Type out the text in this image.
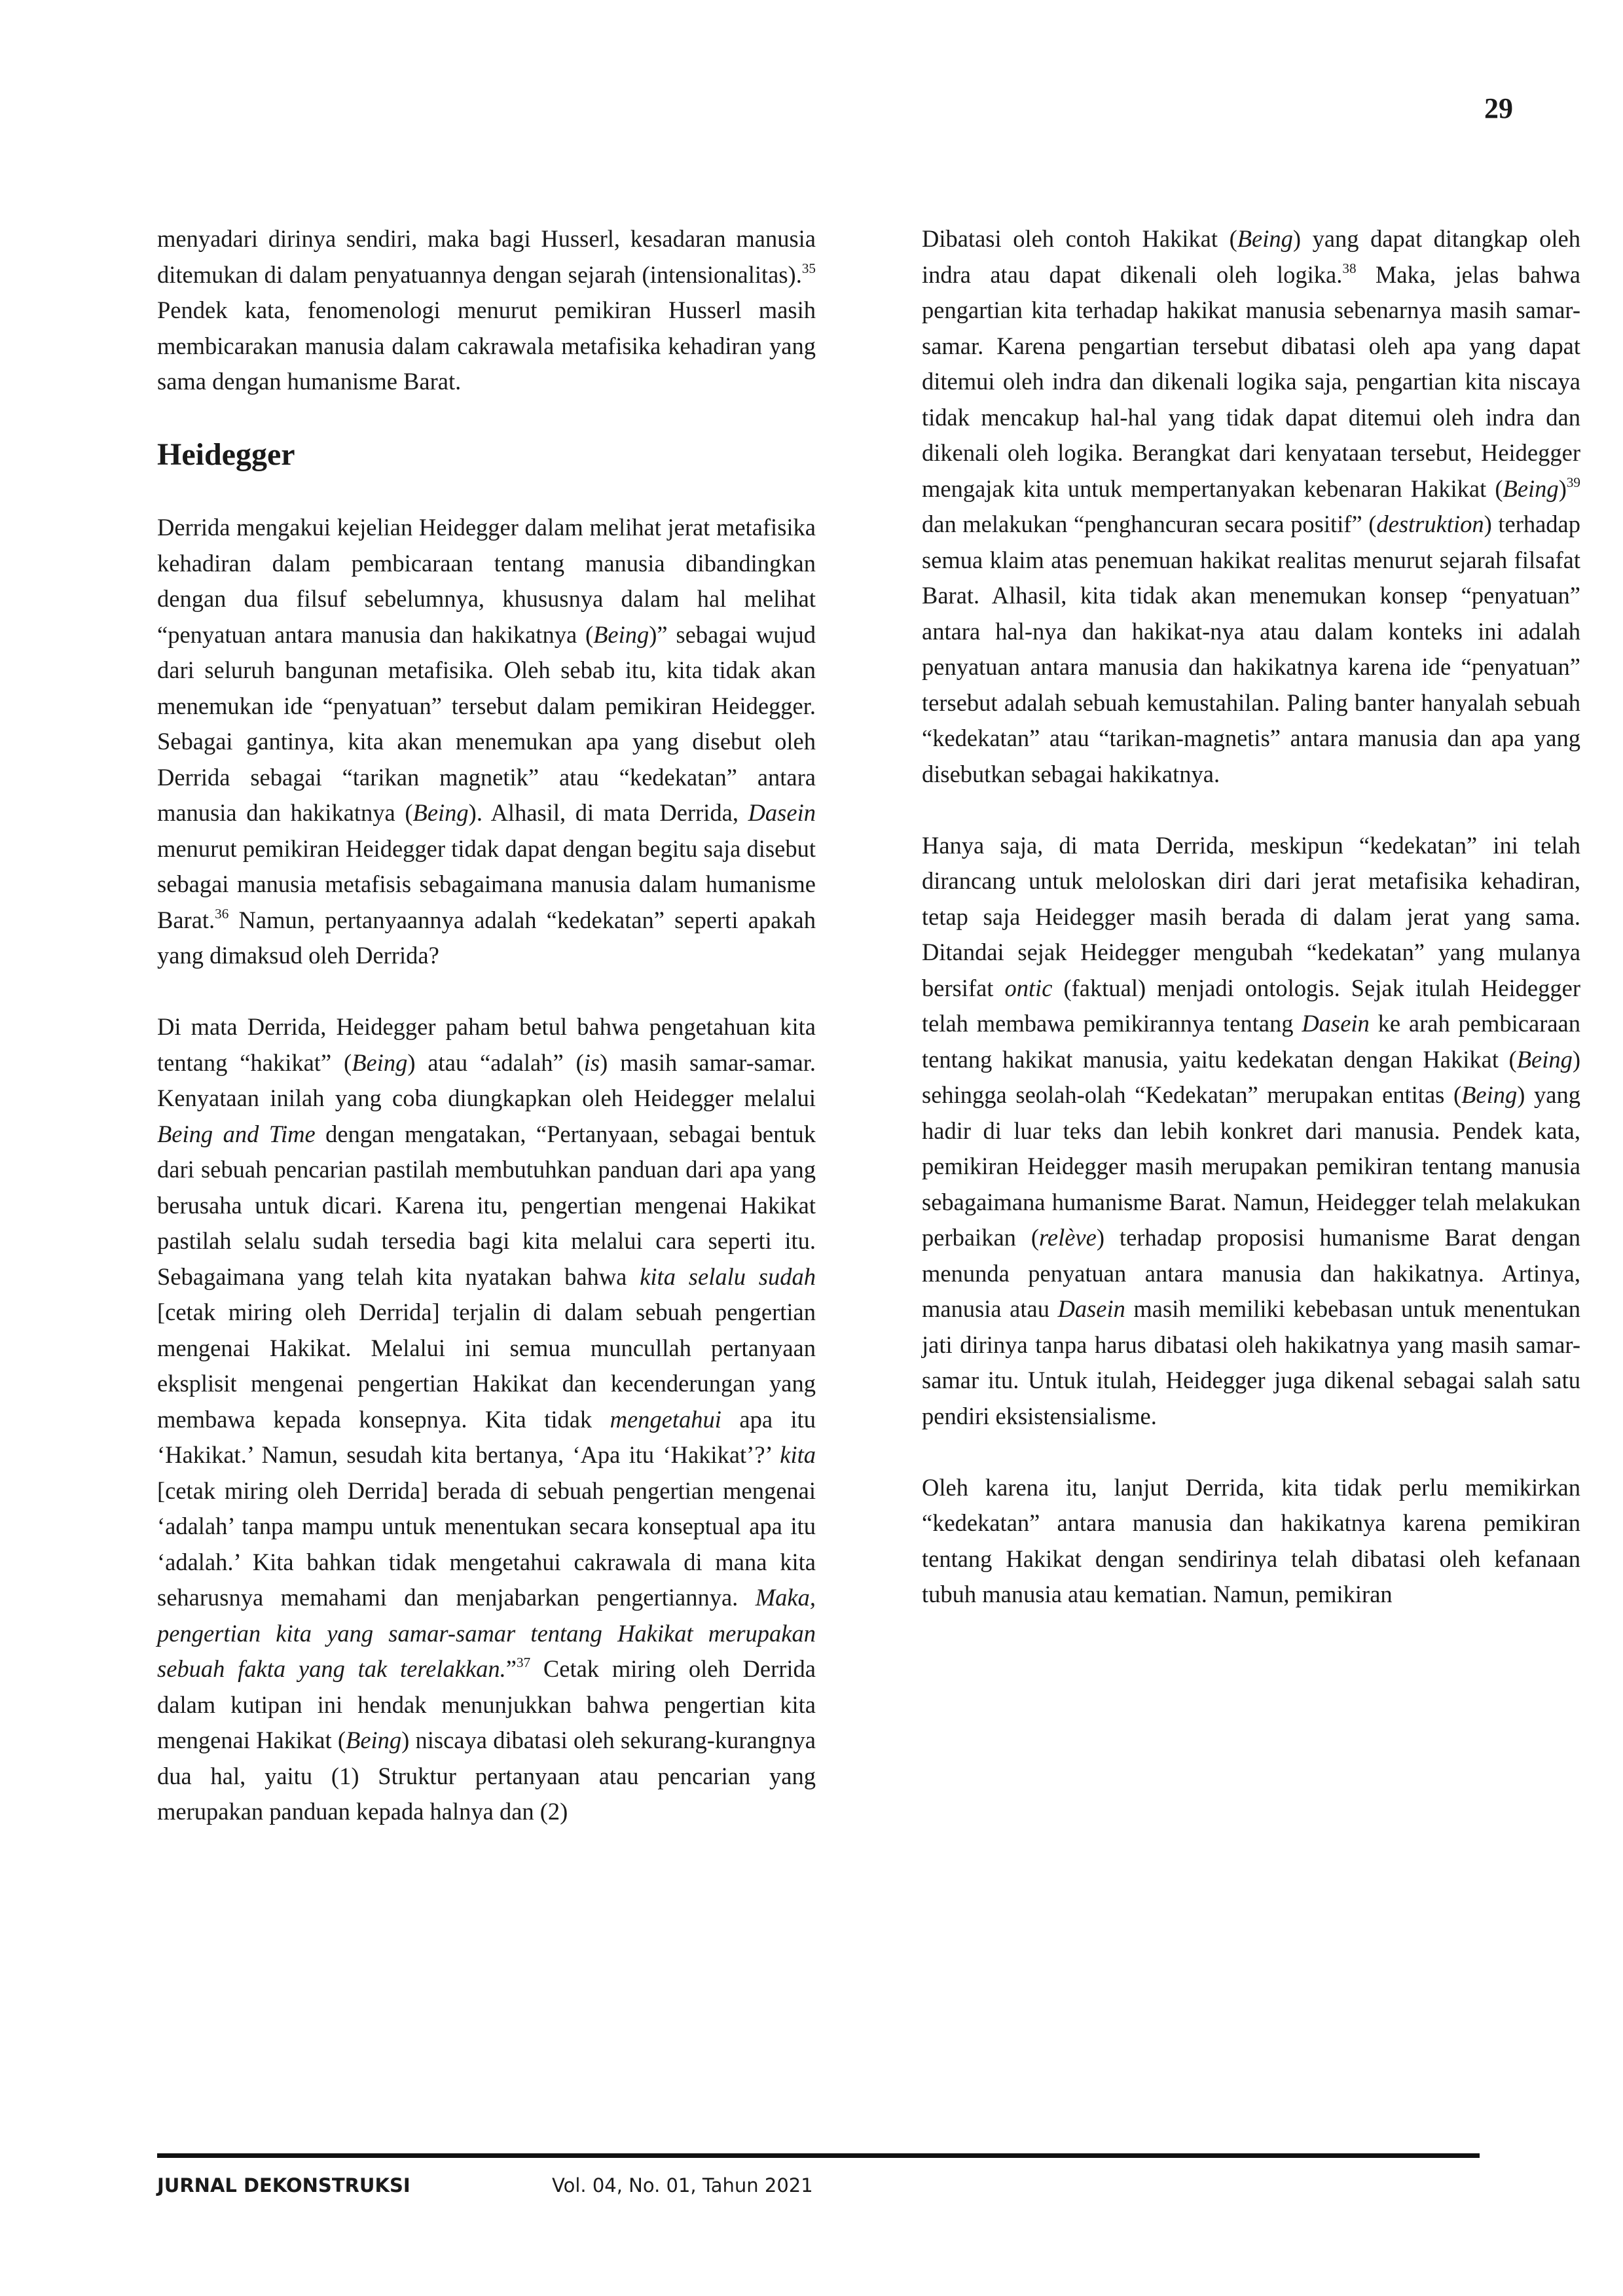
29

menyadari dirinya sendiri, maka bagi Husserl, kesadaran manusia ditemukan di dalam penyatuannya dengan sejarah (intensionalitas).$^{35}$ Pendek kata, fenomenologi menurut pemikiran Husserl masih membicarakan manusia dalam cakrawala metafisika kehadiran yang sama dengan humanisme Barat.

Heidegger

Derrida mengakui kejelian Heidegger dalam melihat jerat metafisika kehadiran dalam pembicaraan tentang manusia dibandingkan dengan dua filsuf sebelumnya, khususnya dalam hal melihat “penyatuan antara manusia dan hakikatnya (Being)” sebagai wujud dari seluruh bangunan metafisika. Oleh sebab itu, kita tidak akan menemukan ide “penyatuan” tersebut dalam pemikiran Heidegger. Sebagai gantinya, kita akan menemukan apa yang disebut oleh Derrida sebagai “tarikan magnetik” atau “kedekatan” antara manusia dan hakikatnya (Being). Alhasil, di mata Derrida, Dasein menurut pemikiran Heidegger tidak dapat dengan begitu saja disebut sebagai manusia metafisis sebagaimana manusia dalam humanisme Barat.$^{36}$ Namun, pertanyaannya adalah “kedekatan” seperti apakah yang dimaksud oleh Derrida?

Di mata Derrida, Heidegger paham betul bahwa pengetahuan kita tentang “hakikat” (Being) atau “adalah” (is) masih samar-samar. Kenyataan inilah yang coba diungkapkan oleh Heidegger melalui Being and Time dengan mengatakan, “Pertanyaan, sebagai bentuk dari sebuah pencarian pastilah membutuhkan panduan dari apa yang berusaha untuk dicari. Karena itu, pengertian mengenai Hakikat pastilah selalu sudah tersedia bagi kita melalui cara seperti itu. Sebagaimana yang telah kita nyatakan bahwa kita selalu sudah [cetak miring oleh Derrida] terjalin di dalam sebuah pengertian mengenai Hakikat. Melalui ini semua muncullah pertanyaan eksplisit mengenai pengertian Hakikat dan kecenderungan yang membawa kepada konsepnya. Kita tidak mengetahui apa itu ‘Hakikat.’ Namun, sesudah kita bertanya, ‘Apa itu ‘Hakikat’?’ kita [cetak miring oleh Derrida] berada di sebuah pengertian mengenai ‘adalah’ tanpa mampu untuk menentukan secara konseptual apa itu ‘adalah.’ Kita bahkan tidak mengetahui cakrawala di mana kita seharusnya memahami dan menjabarkan pengertiannya. Maka, pengertian kita yang samar-samar tentang Hakikat merupakan sebuah fakta yang tak terelakkan.”$^{37}$ Cetak miring oleh Derrida dalam kutipan ini hendak menunjukkan bahwa pengertian kita mengenai Hakikat (Being) niscaya dibatasi oleh sekurang-kurangnya dua hal, yaitu (1) Struktur pertanyaan atau pencarian yang merupakan panduan kepada halnya dan (2)

Dibatasi oleh contoh Hakikat (Being) yang dapat ditangkap oleh indra atau dapat dikenali oleh logika.$^{38}$ Maka, jelas bahwa pengartian kita terhadap hakikat manusia sebenarnya masih samar-samar. Karena pengartian tersebut dibatasi oleh apa yang dapat ditemui oleh indra dan dikenali logika saja, pengartian kita niscaya tidak mencakup hal-hal yang tidak dapat ditemui oleh indra dan dikenali oleh logika. Berangkat dari kenyataan tersebut, Heidegger mengajak kita untuk mempertanyakan kebenaran Hakikat (Being)$^{39}$ dan melakukan “penghancuran secara positif” (destruktion) terhadap semua klaim atas penemuan hakikat realitas menurut sejarah filsafat Barat. Alhasil, kita tidak akan menemukan konsep “penyatuan” antara hal-nya dan hakikat-nya atau dalam konteks ini adalah penyatuan antara manusia dan hakikatnya karena ide “penyatuan” tersebut adalah sebuah kemustahilan. Paling banter hanyalah sebuah “kedekatan” atau “tarikan-magnetis” antara manusia dan apa yang disebutkan sebagai hakikatnya.

Hanya saja, di mata Derrida, meskipun “kedekatan” ini telah dirancang untuk meloloskan diri dari jerat metafisika kehadiran, tetap saja Heidegger masih berada di dalam jerat yang sama. Ditandai sejak Heidegger mengubah “kedekatan” yang mulanya bersifat ontic (faktual) menjadi ontologis. Sejak itulah Heidegger telah membawa pemikirannya tentang Dasein ke arah pembicaraan tentang hakikat manusia, yaitu kedekatan dengan Hakikat (Being) sehingga seolah-olah “Kedekatan” merupakan entitas (Being) yang hadir di luar teks dan lebih konkret dari manusia. Pendek kata, pemikiran Heidegger masih merupakan pemikiran tentang manusia sebagaimana humanisme Barat. Namun, Heidegger telah melakukan perbaikan (relève) terhadap proposisi humanisme Barat dengan menunda penyatuan antara manusia dan hakikatnya. Artinya, manusia atau Dasein masih memiliki kebebasan untuk menentukan jati dirinya tanpa harus dibatasi oleh hakikatnya yang masih samar-samar itu. Untuk itulah, Heidegger juga dikenal sebagai salah satu pendiri eksistensialisme.

Oleh karena itu, lanjut Derrida, kita tidak perlu memikirkan “kedekatan” antara manusia dan hakikatnya karena pemikiran tentang Hakikat dengan sendirinya telah dibatasi oleh kefanaan tubuh manusia atau kematian. Namun, pemikiran

JURNAL DEKONSTRUKSI	Vol. 04, No. 01, Tahun 2021
